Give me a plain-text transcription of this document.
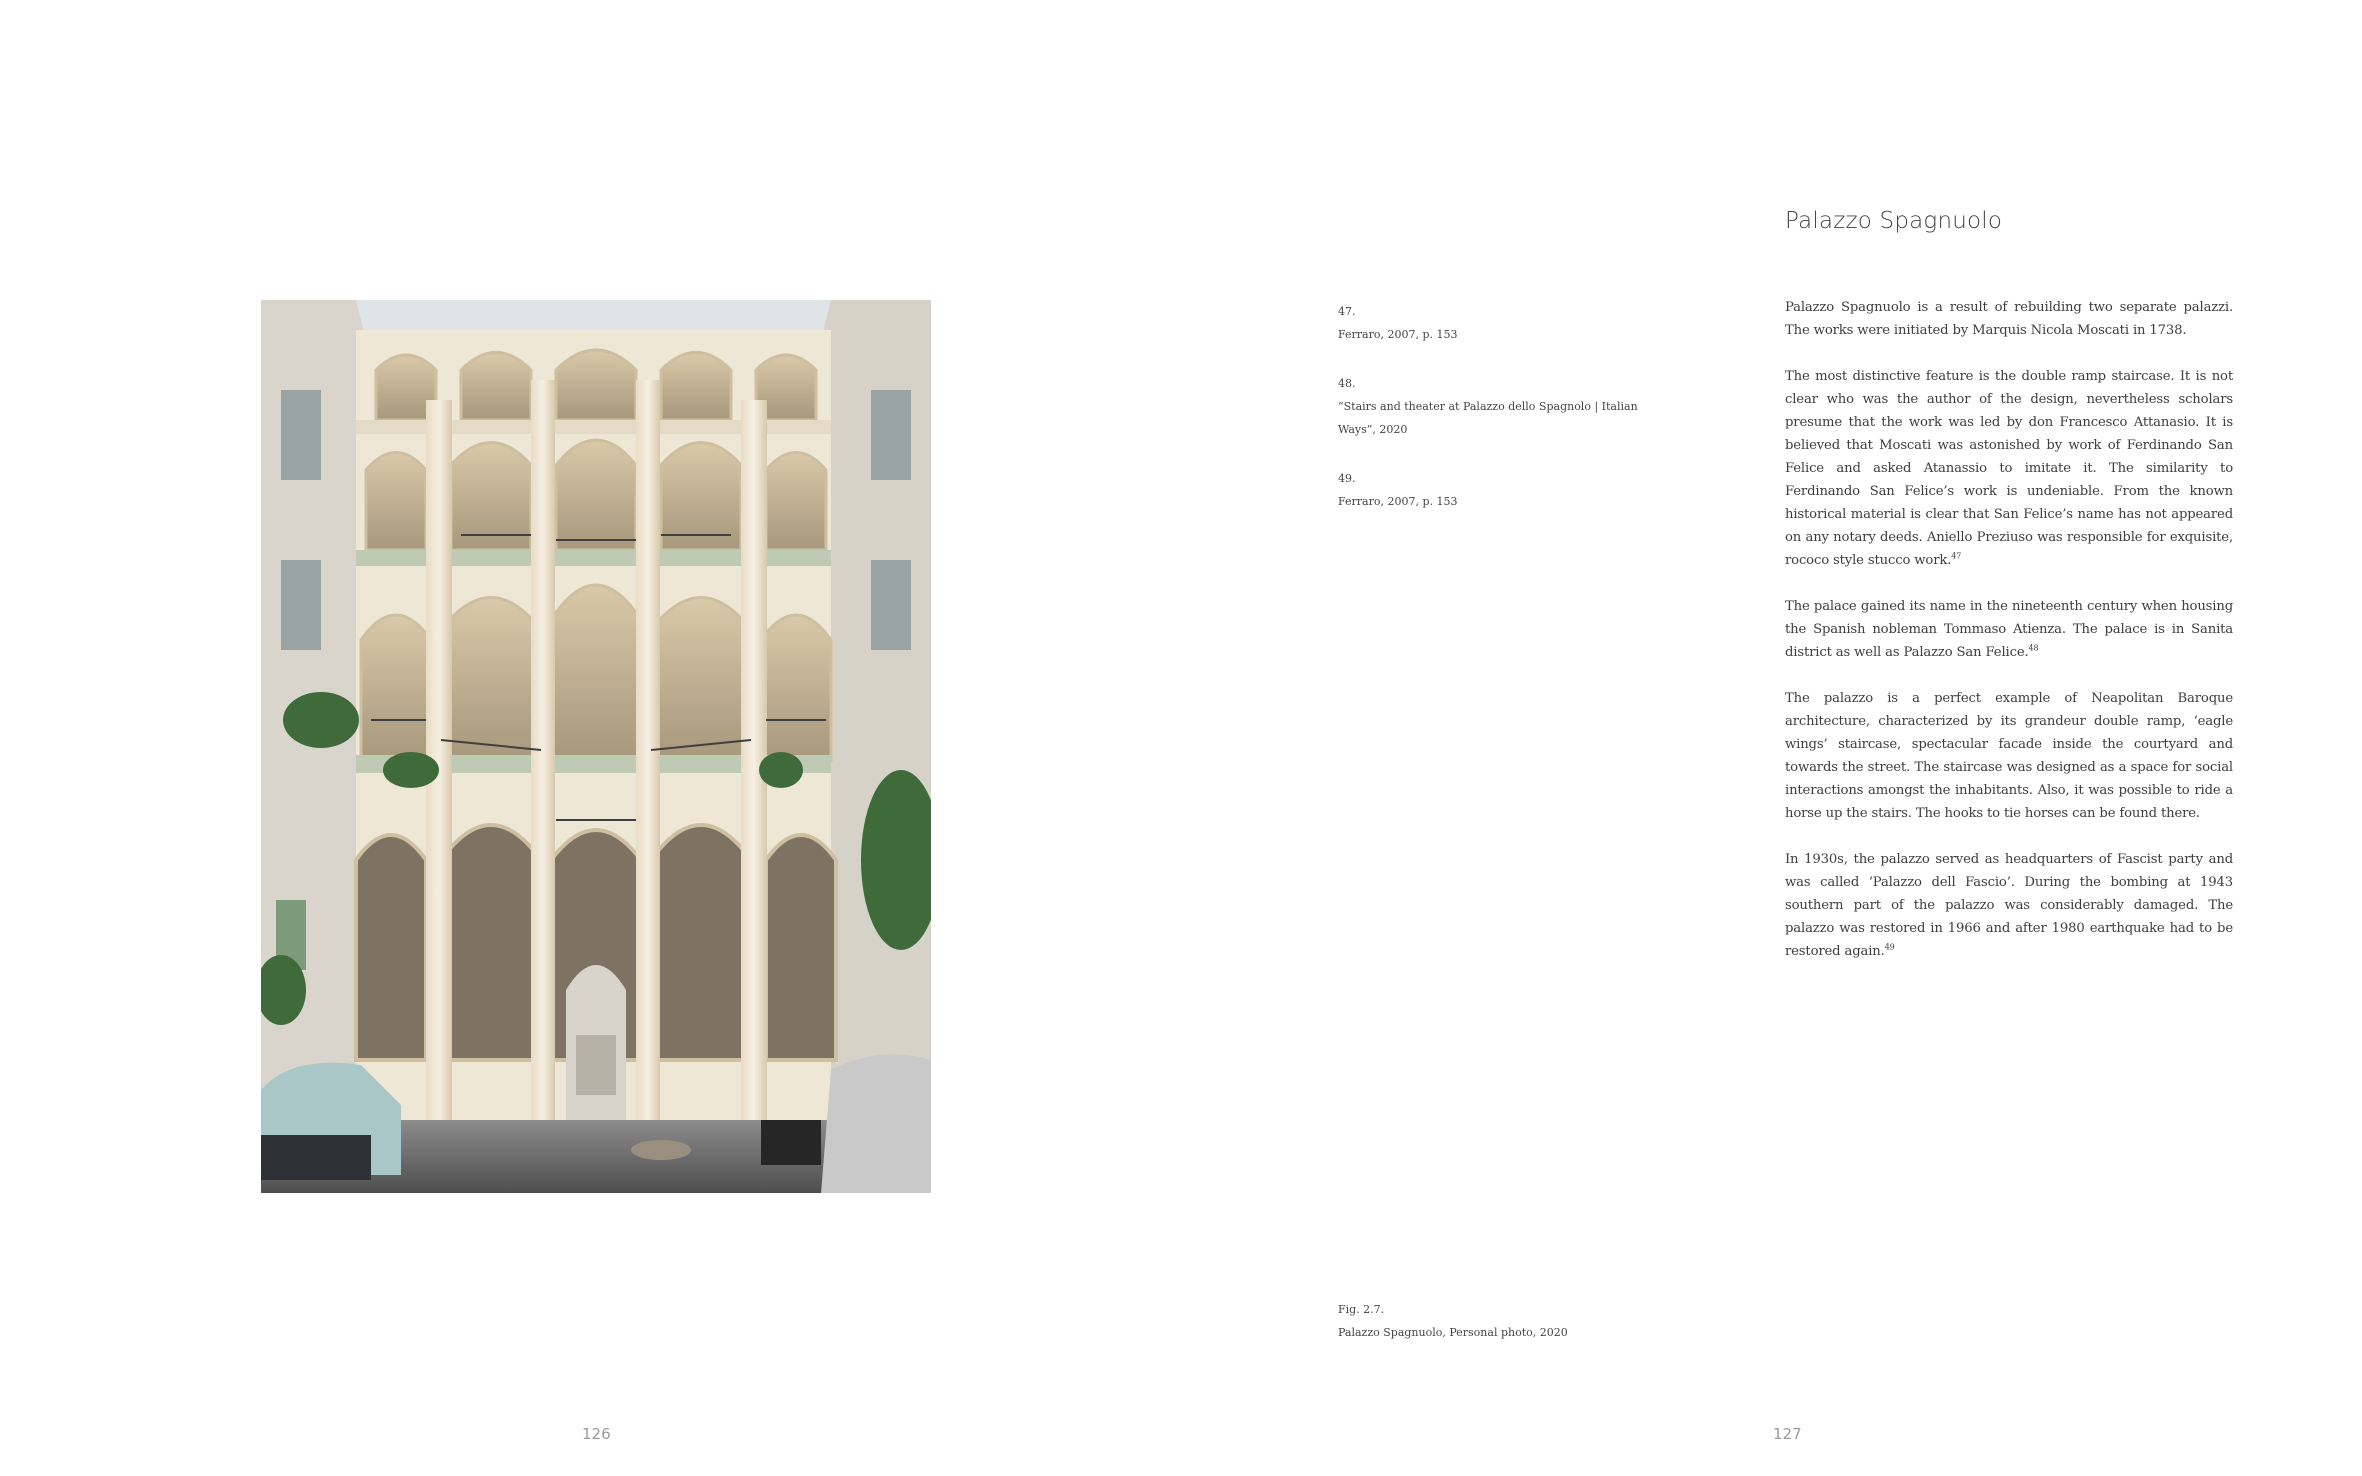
126
47.
Ferraro, 2007, p. 153
48.
“Stairs and theater at Palazzo dello Spagnolo | Italian Ways”, 2020
49.
Ferraro, 2007, p. 153
Fig. 2.7.
Palazzo Spagnuolo, Personal photo, 2020
Palazzo Spagnuolo

Palazzo Spagnuolo is a result of rebuilding two separate palazzi. The works were initiated by Marquis Nicola Moscati in 1738.

The most distinctive feature is the double ramp staircase. It is not clear who was the author of the design, nevertheless scholars presume that the work was led by don Francesco Attanasio. It is believed that Moscati was astonished by work of Ferdinando San Felice and asked Atanassio to imitate it. The similarity to Ferdinando San Felice’s work is undeniable. From the known historical material is clear that San Felice’s name has not appeared on any notary deeds. Aniello Preziuso was responsible for exquisite, rococo style stucco work.$^{47}$

The palace gained its name in the nineteenth century when housing the Spanish nobleman Tommaso Atienza. The palace is in Sanita district as well as Palazzo San Felice.$^{48}$

The palazzo is a perfect example of Neapolitan Baroque architecture, characterized by its grandeur double ramp, ‘eagle wings’ staircase, spectacular facade inside the courtyard and towards the street. The staircase was designed as a space for social interactions amongst the inhabitants. Also, it was possible to ride a horse up the stairs. The hooks to tie horses can be found there.

In 1930s, the palazzo served as headquarters of Fascist party and was called ‘Palazzo dell Fascio’. During the bombing at 1943 southern part of the palazzo was considerably damaged. The palazzo was restored in 1966 and after 1980 earthquake had to be restored again.$^{49}$

127
